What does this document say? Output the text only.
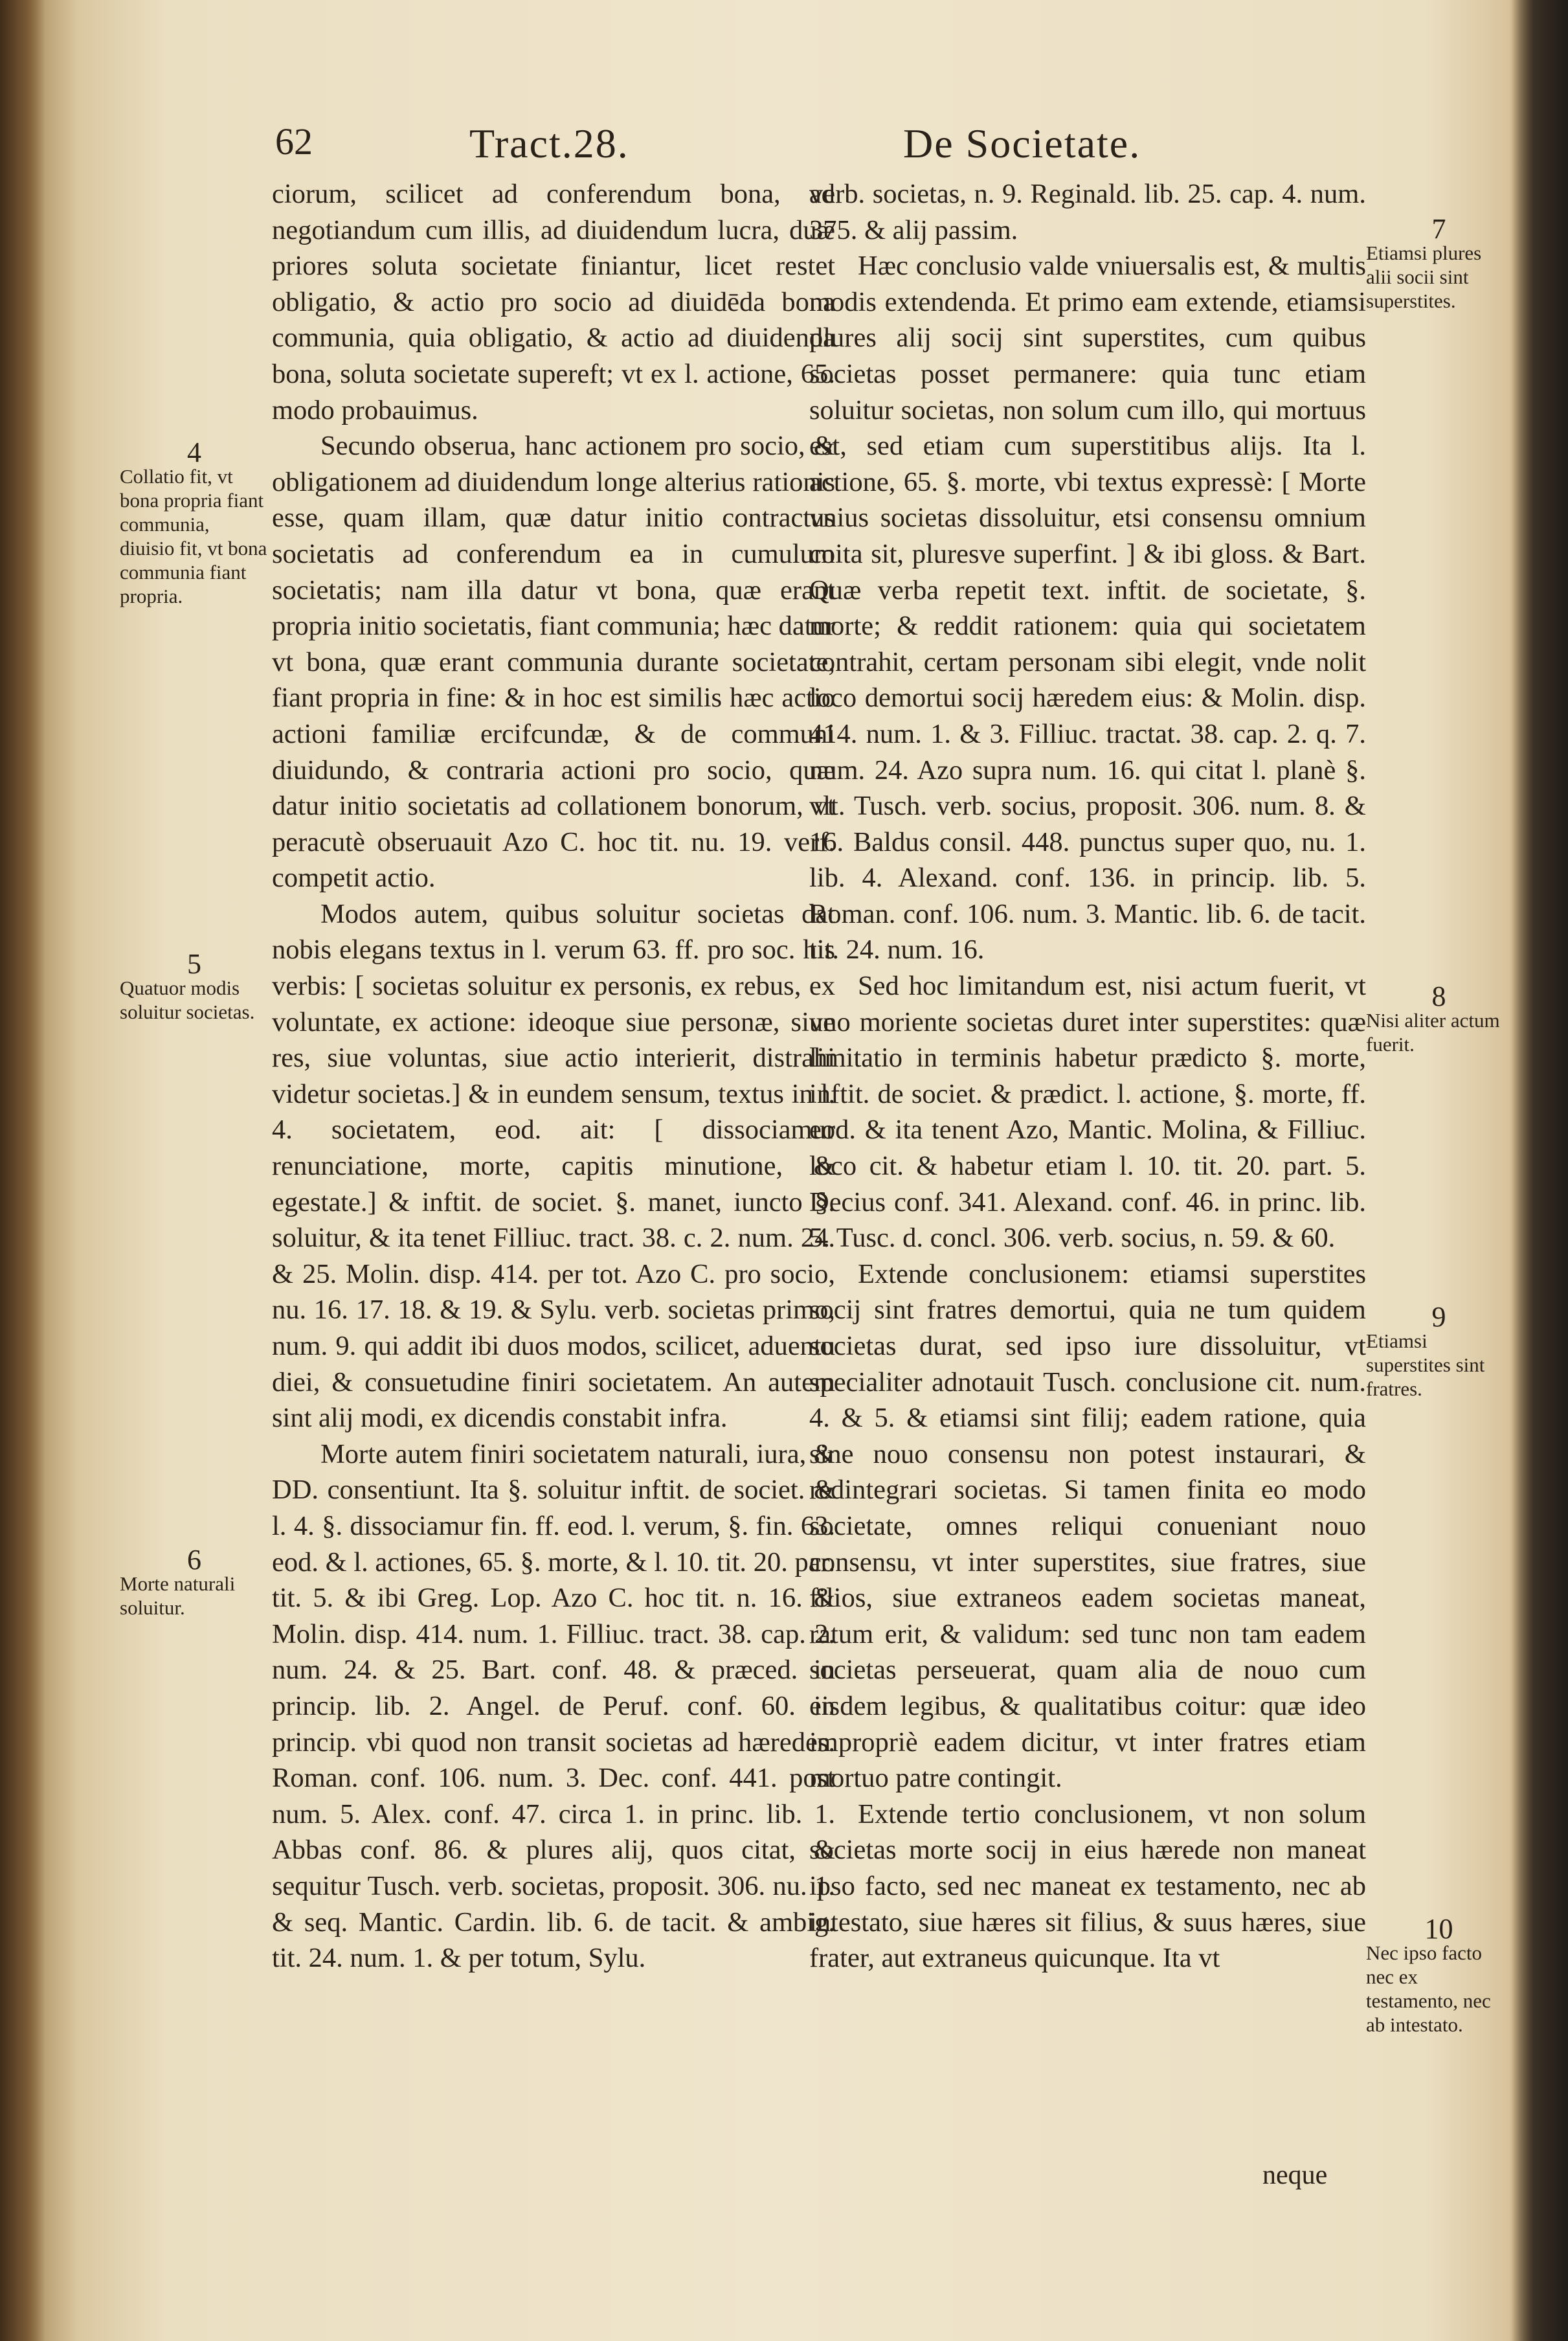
62	Tract.28.	De Societate.

ciorum, scilicet ad conferendum bona, ad negotiandum cum illis, ad diuidendum lucra, duæ priores soluta societate finiantur, licet restet obligatio, & actio pro socio ad diuidēda bona communia, quia obligatio, & actio ad diuidenda bona, soluta societate supereft; vt ex l. actione, 65. modo probauimus.

Secundo obserua, hanc actionem pro socio, & obligationem ad diuidendum longe alterius rationis esse, quam illam, quæ datur initio contractus societatis ad conferendum ea in cumulum societatis; nam illa datur vt bona, quæ erant propria initio societatis, fiant communia; hæc datur vt bona, quæ erant communia durante societate, fiant propria in fine: & in hoc est similis hæc actio actioni familiæ ercifcundæ, & de communi diuidundo, & contraria actioni pro socio, quæ datur initio societatis ad collationem bonorum, vt peracutè obseruauit Azo C. hoc tit. nu. 19. verf. competit actio.

Modos autem, quibus soluitur societas dat nobis elegans textus in l. verum 63. ff. pro soc. his verbis: [ societas soluitur ex personis, ex rebus, ex voluntate, ex actione: ideoque siue personæ, siue res, siue voluntas, siue actio interierit, distrahi videtur societas.] & in eundem sensum, textus in l. 4. societatem, eod. ait: [ dissociamur renunciatione, morte, capitis minutione, & egestate.] & inftit. de societ. §. manet, iuncto §. soluitur, & ita tenet Filliuc. tract. 38. c. 2. num. 24. & 25. Molin. disp. 414. per tot. Azo C. pro socio, nu. 16. 17. 18. & 19. & Sylu. verb. societas primo, num. 9. qui addit ibi duos modos, scilicet, aduentu diei, & consuetudine finiri societatem. An autem sint alij modi, ex dicendis constabit infra.

Morte autem finiri societatem naturali, iura, & DD. consentiunt. Ita §. soluitur inftit. de societ. & l. 4. §. dissociamur fin. ff. eod. l. verum, §. fin. 63. eod. & l. actiones, 65. §. morte, & l. 10. tit. 20. par. tit. 5. & ibi Greg. Lop. Azo C. hoc tit. n. 16. & Molin. disp. 414. num. 1. Filliuc. tract. 38. cap. 2. num. 24. & 25. Bart. conf. 48. & præced. in princip. lib. 2. Angel. de Peruf. conf. 60. in princip. vbi quod non transit societas ad hæredes. Roman. conf. 106. num. 3. Dec. conf. 441. post num. 5. Alex. conf. 47. circa 1. in princ. lib. 1. Abbas conf. 86. & plures alij, quos citat, & sequitur Tusch. verb. societas, proposit. 306. nu. 1. & seq. Mantic. Cardin. lib. 6. de tacit. & ambig. tit. 24. num. 1. & per totum, Sylu.

verb. societas, n. 9. Reginald. lib. 25. cap. 4. num. 375. & alij passim.

Hæc conclusio valde vniuersalis est, & multis modis extendenda. Et primo eam extende, etiamsi plures alij socij sint superstites, cum quibus societas posset permanere: quia tunc etiam soluitur societas, non solum cum illo, qui mortuus est, sed etiam cum superstitibus alijs. Ita l. actione, 65. §. morte, vbi textus expressè: [ Morte vnius societas dissoluitur, etsi consensu omnium coita sit, pluresve superfint. ] & ibi gloss. & Bart. Quæ verba repetit text. inftit. de societate, §. morte; & reddit rationem: quia qui societatem contrahit, certam personam sibi elegit, vnde nolit loco demortui socij hæredem eius: & Molin. disp. 414. num. 1. & 3. Filliuc. tractat. 38. cap. 2. q. 7. num. 24. Azo supra num. 16. qui citat l. planè §. vlt. Tusch. verb. socius, proposit. 306. num. 8. & 16. Baldus consil. 448. punctus super quo, nu. 1. lib. 4. Alexand. conf. 136. in princip. lib. 5. Roman. conf. 106. num. 3. Mantic. lib. 6. de tacit. tit. 24. num. 16.

Sed hoc limitandum est, nisi actum fuerit, vt vno moriente societas duret inter superstites: quæ limitatio in terminis habetur prædicto §. morte, inftit. de societ. & prædict. l. actione, §. morte, ff. eod. & ita tenent Azo, Mantic. Molina, & Filliuc. loco cit. & habetur etiam l. 10. tit. 20. part. 5. Decius conf. 341. Alexand. conf. 46. in princ. lib. 5. Tusc. d. concl. 306. verb. socius, n. 59. & 60.

Extende conclusionem: etiamsi superstites socij sint fratres demortui, quia ne tum quidem societas durat, sed ipso iure dissoluitur, vt specialiter adnotauit Tusch. conclusione cit. num. 4. & 5. & etiamsi sint filij; eadem ratione, quia sine nouo consensu non potest instaurari, & redintegrari societas. Si tamen finita eo modo societate, omnes reliqui conueniant nouo consensu, vt inter superstites, siue fratres, siue filios, siue extraneos eadem societas maneat, ratum erit, & validum: sed tunc non tam eadem societas perseuerat, quam alia de nouo cum eisdem legibus, & qualitatibus coitur: quæ ideo impropriè eadem dicitur, vt inter fratres etiam mortuo patre contingit.

Extende tertio conclusionem, vt non solum societas morte socij in eius hærede non maneat ipso facto, sed nec maneat ex testamento, nec ab intestato, siue hæres sit filius, & suus hæres, siue frater, aut extraneus quicunque. Ita vt

4
Collatio fit, vt bona propria fiant communia, diuisio fit, vt bona communia fiant propria.
5
Quatuor modis soluitur societas.
6
Morte naturali soluitur.
7
Etiamsi plures alii socii sint superstites.
8
Nisi aliter actum fuerit.
9
Etiamsi superstites sint fratres.
10
Nec ipso facto nec ex testamento, nec ab intestato.
neque
